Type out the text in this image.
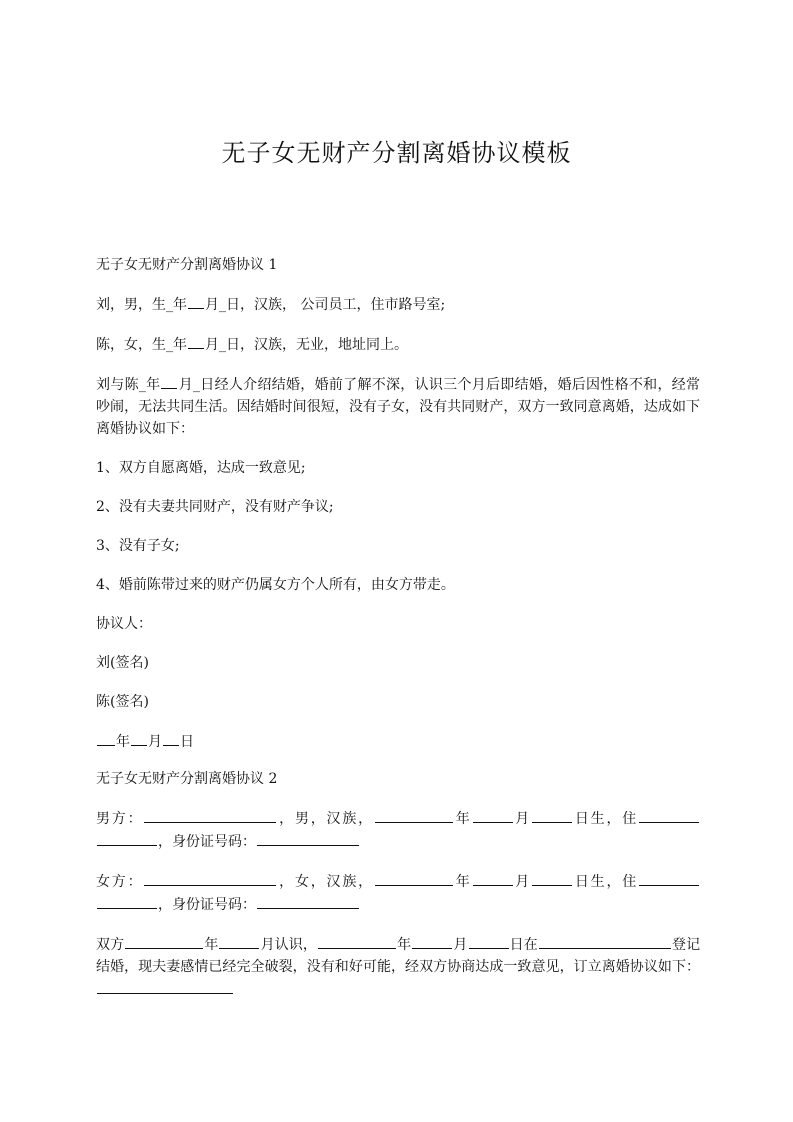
无子女无财产分割离婚协议模板

无子女无财产分割离婚协议 1

刘，男，生_年 月_日，汉族， 公司员工，住市路号室;

陈，女，生_年 月_日，汉族，无业，地址同上。

刘与陈_年 月_日经人介绍结婚，婚前了解不深，认识三个月后即结婚，婚后因性格不和，经常吵闹，无法共同生活。因结婚时间很短，没有子女，没有共同财产，双方一致同意离婚，达成如下离婚协议如下：

1、双方自愿离婚，达成一致意见;

2、没有夫妻共同财产，没有财产争议;

3、没有子女;

4、婚前陈带过来的财产仍属女方个人所有，由女方带走。

协议人：

刘(签名)

陈(签名)

年 月 日

无子女无财产分割离婚协议 2

男方：	，男，汉族，	年	月	日生，住 ，身份证号码：

女方：	，女，汉族，	年	月	日生，住 ，身份证号码：

双方	年	月认识，	年	月	日在	登记结婚，现夫妻感情已经完全破裂，没有和好可能，经双方协商达成一致意见，订立离婚协议如下：
